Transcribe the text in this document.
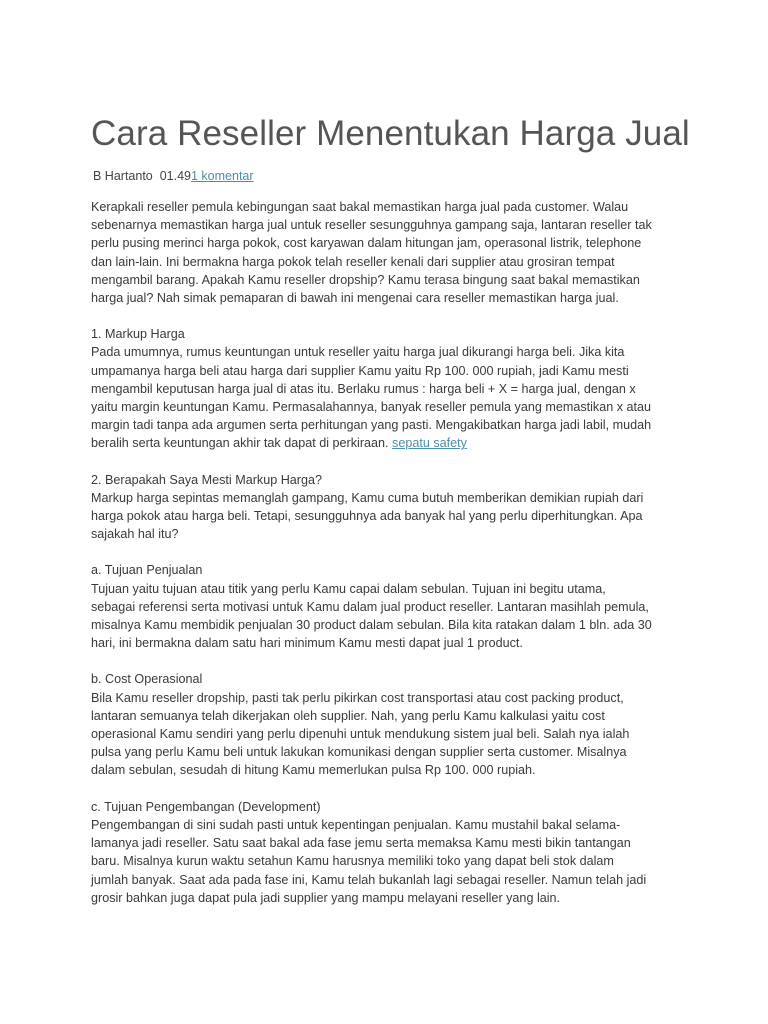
Cara Reseller Menentukan Harga Jual
B Hartanto 01.491 komentar

Kerapkali reseller pemula kebingungan saat bakal memastikan harga jual pada customer. Walau
sebenarnya memastikan harga jual untuk reseller sesungguhnya gampang saja, lantaran reseller tak
perlu pusing merinci harga pokok, cost karyawan dalam hitungan jam, operasonal listrik, telephone
dan lain-lain. Ini bermakna harga pokok telah reseller kenali dari supplier atau grosiran tempat
mengambil barang. Apakah Kamu reseller dropship? Kamu terasa bingung saat bakal memastikan
harga jual? Nah simak pemaparan di bawah ini mengenai cara reseller memastikan harga jual.

1. Markup Harga
Pada umumnya, rumus keuntungan untuk reseller yaitu harga jual dikurangi harga beli. Jika kita
umpamanya harga beli atau harga dari supplier Kamu yaitu Rp 100. 000 rupiah, jadi Kamu mesti
mengambil keputusan harga jual di atas itu. Berlaku rumus : harga beli + X = harga jual, dengan x
yaitu margin keuntungan Kamu. Permasalahannya, banyak reseller pemula yang memastikan x atau
margin tadi tanpa ada argumen serta perhitungan yang pasti. Mengakibatkan harga jadi labil, mudah
beralih serta keuntungan akhir tak dapat di perkiraan. sepatu safety

2. Berapakah Saya Mesti Markup Harga?
Markup harga sepintas memanglah gampang, Kamu cuma butuh memberikan demikian rupiah dari
harga pokok atau harga beli. Tetapi, sesungguhnya ada banyak hal yang perlu diperhitungkan. Apa
sajakah hal itu?

a. Tujuan Penjualan
Tujuan yaitu tujuan atau titik yang perlu Kamu capai dalam sebulan. Tujuan ini begitu utama,
sebagai referensi serta motivasi untuk Kamu dalam jual product reseller. Lantaran masihlah pemula,
misalnya Kamu membidik penjualan 30 product dalam sebulan. Bila kita ratakan dalam 1 bln. ada 30
hari, ini bermakna dalam satu hari minimum Kamu mesti dapat jual 1 product.

b. Cost Operasional
Bila Kamu reseller dropship, pasti tak perlu pikirkan cost transportasi atau cost packing product,
lantaran semuanya telah dikerjakan oleh supplier. Nah, yang perlu Kamu kalkulasi yaitu cost
operasional Kamu sendiri yang perlu dipenuhi untuk mendukung sistem jual beli. Salah nya ialah
pulsa yang perlu Kamu beli untuk lakukan komunikasi dengan supplier serta customer. Misalnya
dalam sebulan, sesudah di hitung Kamu memerlukan pulsa Rp 100. 000 rupiah.

c. Tujuan Pengembangan (Development)
Pengembangan di sini sudah pasti untuk kepentingan penjualan. Kamu mustahil bakal selama-
lamanya jadi reseller. Satu saat bakal ada fase jemu serta memaksa Kamu mesti bikin tantangan
baru. Misalnya kurun waktu setahun Kamu harusnya memiliki toko yang dapat beli stok dalam
jumlah banyak. Saat ada pada fase ini, Kamu telah bukanlah lagi sebagai reseller. Namun telah jadi
grosir bahkan juga dapat pula jadi supplier yang mampu melayani reseller yang lain.
